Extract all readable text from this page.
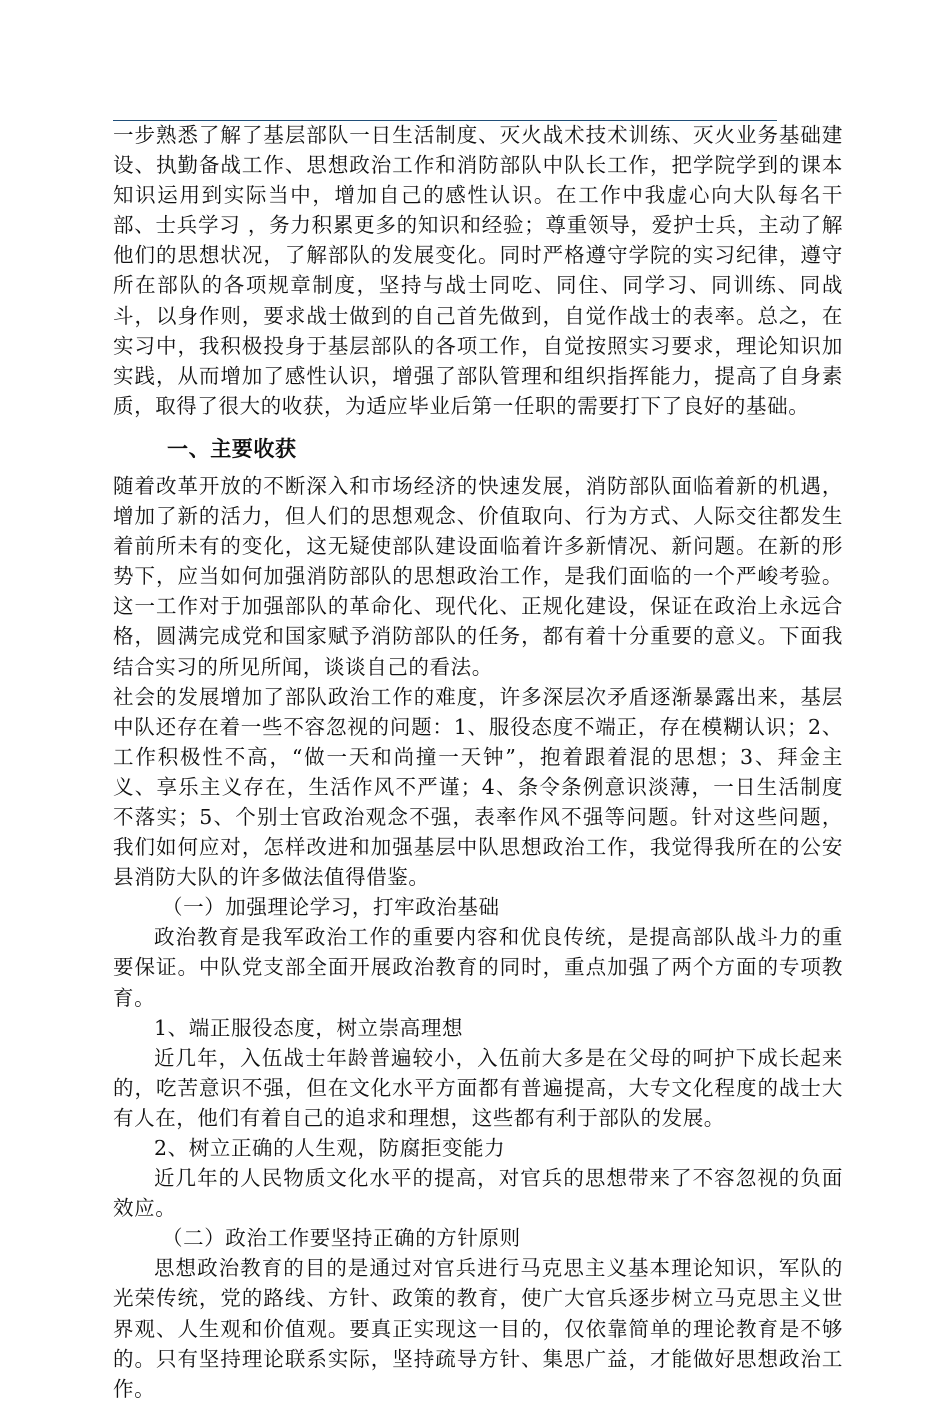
一步熟悉了解了基层部队一日生活制度、灭火战术技术训练、灭火业务基础建设、执勤备战工作、思想政治工作和消防部队中队长工作，把学院学到的课本知识运用到实际当中，增加自己的感性认识。在工作中我虚心向大队每名干部、士兵学习 ，务力积累更多的知识和经验；尊重领导，爱护士兵，主动了解他们的思想状况，了解部队的发展变化。同时严格遵守学院的实习纪律，遵守所在部队的各项规章制度，坚持与战士同吃、同住、同学习、同训练、同战斗，以身作则，要求战士做到的自己首先做到，自觉作战士的表率。总之，在实习中，我积极投身于基层部队的各项工作，自觉按照实习要求，理论知识加实践，从而增加了感性认识，增强了部队管理和组织指挥能力，提高了自身素质，取得了很大的收获，为适应毕业后第一任职的需要打下了良好的基础。

一、主要收获

随着改革开放的不断深入和市场经济的快速发展，消防部队面临着新的机遇，增加了新的活力，但人们的思想观念、价值取向、行为方式、人际交往都发生着前所未有的变化，这无疑使部队建设面临着许多新情况、新问题。在新的形势下，应当如何加强消防部队的思想政治工作，是我们面临的一个严峻考验。这一工作对于加强部队的革命化、现代化、正规化建设，保证在政治上永远合格，圆满完成党和国家赋予消防部队的任务，都有着十分重要的意义。下面我结合实习的所见所闻，谈谈自己的看法。

社会的发展增加了部队政治工作的难度，许多深层次矛盾逐渐暴露出来，基层中队还存在着一些不容忽视的问题：1、服役态度不端正，存在模糊认识；2、工作积极性不高，“做一天和尚撞一天钟”，抱着跟着混的思想；3、拜金主义、享乐主义存在，生活作风不严谨；4、条令条例意识淡薄，一日生活制度不落实；5、个别士官政治观念不强，表率作风不强等问题。针对这些问题，我们如何应对，怎样改进和加强基层中队思想政治工作，我觉得我所在的公安县消防大队的许多做法值得借鉴。

（一）加强理论学习，打牢政治基础

政治教育是我军政治工作的重要内容和优良传统，是提高部队战斗力的重要保证。中队党支部全面开展政治教育的同时，重点加强了两个方面的专项教育。

1、端正服役态度，树立崇高理想

近几年，入伍战士年龄普遍较小，入伍前大多是在父母的呵护下成长起来的，吃苦意识不强，但在文化水平方面都有普遍提高，大专文化程度的战士大有人在，他们有着自己的追求和理想，这些都有利于部队的发展。

2、树立正确的人生观，防腐拒变能力

近几年的人民物质文化水平的提高，对官兵的思想带来了不容忽视的负面效应。

（二）政治工作要坚持正确的方针原则

思想政治教育的目的是通过对官兵进行马克思主义基本理论知识，军队的光荣传统，党的路线、方针、政策的教育，使广大官兵逐步树立马克思主义世界观、人生观和价值观。要真正实现这一目的，仅依靠简单的理论教育是不够的。只有坚持理论联系实际，坚持疏导方针、集思广益，才能做好思想政治工作。
